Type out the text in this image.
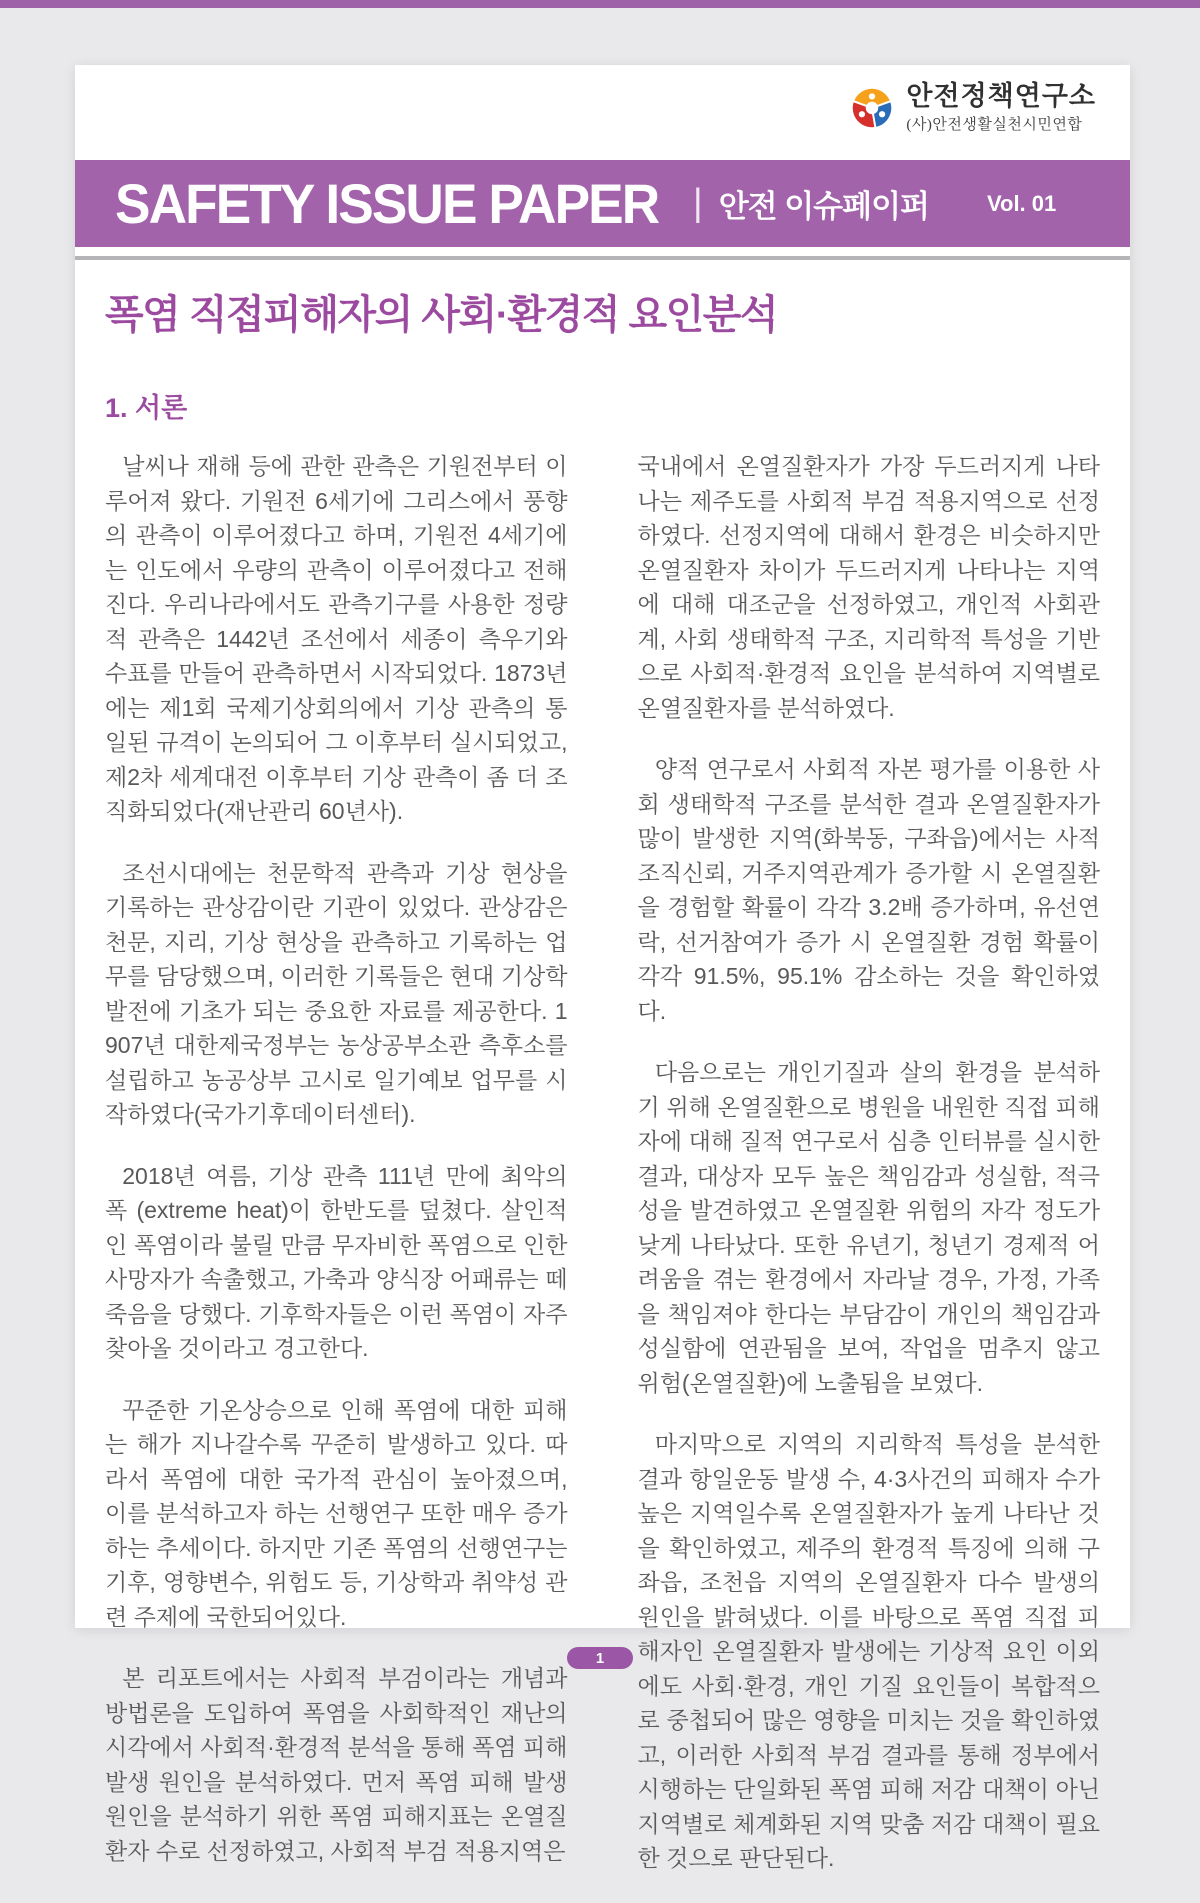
안전정책연구소
(사)안전생활실천시민연합
SAFETY ISSUE PAPER | 안전 이슈페이퍼	Vol. 01
폭염 직접피해자의 사회·환경적 요인분석
1. 서론

날씨나 재해 등에 관한 관측은 기원전부터 이루어져 왔다. 기원전 6세기에 그리스에서 풍향의 관측이 이루어졌다고 하며, 기원전 4세기에는 인도에서 우량의 관측이 이루어졌다고 전해진다. 우리나라에서도 관측기구를 사용한 정량적 관측은 1442년 조선에서 세종이 측우기와 수표를 만들어 관측하면서 시작되었다. 1873년에는 제1회 국제기상회의에서 기상 관측의 통일된 규격이 논의되어 그 이후부터 실시되었고, 제2차 세계대전 이후부터 기상 관측이 좀 더 조직화되었다(재난관리 60년사).

조선시대에는 천문학적 관측과 기상 현상을 기록하는 관상감이란 기관이 있었다. 관상감은 천문, 지리, 기상 현상을 관측하고 기록하는 업무를 담당했으며, 이러한 기록들은 현대 기상학 발전에 기초가 되는 중요한 자료를 제공한다. 1907년 대한제국정부는 농상공부소관 측후소를 설립하고 농공상부 고시로 일기예보 업무를 시작하였다(국가기후데이터센터).

2018년 여름, 기상 관측 111년 만에 최악의 폭 (extreme heat)이 한반도를 덮쳤다. 살인적인 폭염이라 불릴 만큼 무자비한 폭염으로 인한 사망자가 속출했고, 가축과 양식장 어패류는 떼죽음을 당했다. 기후학자들은 이런 폭염이 자주 찾아올 것이라고 경고한다.

꾸준한 기온상승으로 인해 폭염에 대한 피해는 해가 지나갈수록 꾸준히 발생하고 있다. 따라서 폭염에 대한 국가적 관심이 높아졌으며, 이를 분석하고자 하는 선행연구 또한 매우 증가하는 추세이다. 하지만 기존 폭염의 선행연구는 기후, 영향변수, 위험도 등, 기상학과 취약성 관련 주제에 국한되어있다.

본 리포트에서는 사회적 부검이라는 개념과 방법론을 도입하여 폭염을 사회학적인 재난의 시각에서 사회적·환경적 분석을 통해 폭염 피해 발생 원인을 분석하였다. 먼저 폭염 피해 발생 원인을 분석하기 위한 폭염 피해지표는 온열질환자 수로 선정하였고, 사회적 부검 적용지역은

국내에서 온열질환자가 가장 두드러지게 나타나는 제주도를 사회적 부검 적용지역으로 선정하였다. 선정지역에 대해서 환경은 비슷하지만 온열질환자 차이가 두드러지게 나타나는 지역에 대해 대조군을 선정하였고, 개인적 사회관계, 사회 생태학적 구조, 지리학적 특성을 기반으로 사회적·환경적 요인을 분석하여 지역별로 온열질환자를 분석하였다.

양적 연구로서 사회적 자본 평가를 이용한 사회 생태학적 구조를 분석한 결과 온열질환자가 많이 발생한 지역(화북동, 구좌읍)에서는 사적조직신뢰, 거주지역관계가 증가할 시 온열질환을 경험할 확률이 각각 3.2배 증가하며, 유선연락, 선거참여가 증가 시 온열질환 경험 확률이 각각 91.5%, 95.1% 감소하는 것을 확인하였다.

다음으로는 개인기질과 살의 환경을 분석하기 위해 온열질환으로 병원을 내원한 직접 피해자에 대해 질적 연구로서 심층 인터뷰를 실시한 결과, 대상자 모두 높은 책임감과 성실함, 적극성을 발견하였고 온열질환 위험의 자각 정도가 낮게 나타났다. 또한 유년기, 청년기 경제적 어려움을 겪는 환경에서 자라날 경우, 가정, 가족을 책임져야 한다는 부담감이 개인의 책임감과 성실함에 연관됨을 보여, 작업을 멈추지 않고 위험(온열질환)에 노출됨을 보였다.

마지막으로 지역의 지리학적 특성을 분석한 결과 항일운동 발생 수, 4·3사건의 피해자 수가 높은 지역일수록 온열질환자가 높게 나타난 것을 확인하였고, 제주의 환경적 특징에 의해 구좌읍, 조천읍 지역의 온열질환자 다수 발생의 원인을 밝혀냈다. 이를 바탕으로 폭염 직접 피해자인 온열질환자 발생에는 기상적 요인 이외에도 사회·환경, 개인 기질 요인들이 복합적으로 중첩되어 많은 영향을 미치는 것을 확인하였고, 이러한 사회적 부검 결과를 통해 정부에서 시행하는 단일화된 폭염 피해 저감 대책이 아닌 지역별로 체계화된 지역 맞춤 저감 대책이 필요한 것으로 판단된다.

1
